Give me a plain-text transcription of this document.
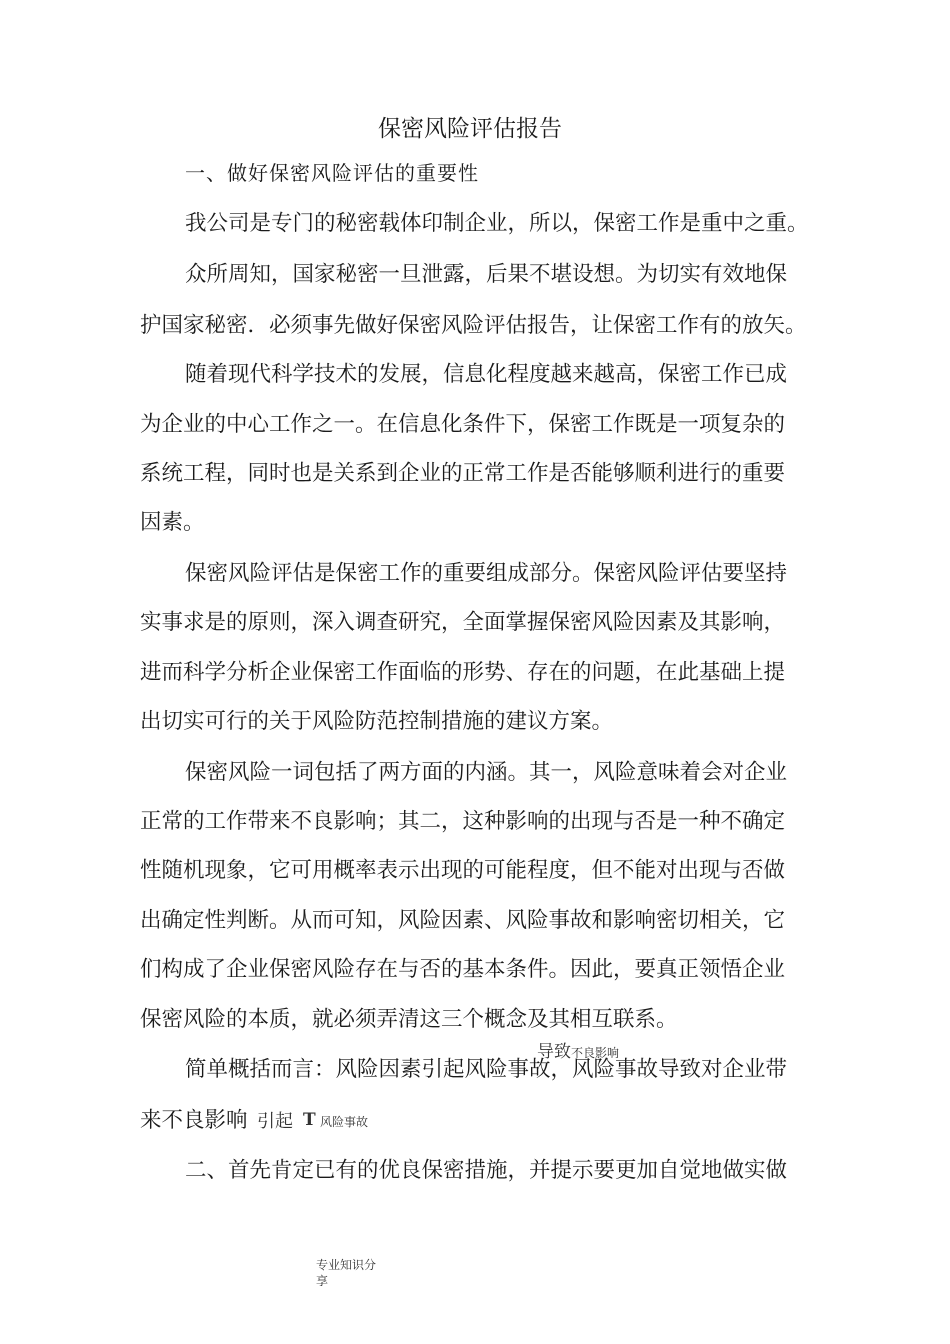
保密风险评估报告
一、做好保密风险评估的重要性
我公司是专门的秘密载体印制企业，所以，保密工作是重中之重。
众所周知，国家秘密一旦泄露，后果不堪设想。为切实有效地保
护国家秘密．必须事先做好保密风险评估报告，让保密工作有的放矢。
随着现代科学技术的发展，信息化程度越来越高，保密工作已成
为企业的中心工作之一。在信息化条件下，保密工作既是一项复杂的
系统工程，同时也是关系到企业的正常工作是否能够顺利进行的重要
因素。
保密风险评估是保密工作的重要组成部分。保密风险评估要坚持
实事求是的原则，深入调查研究，全面掌握保密风险因素及其影响，
进而科学分析企业保密工作面临的形势、存在的问题，在此基础上提
出切实可行的关于风险防范控制措施的建议方案。
保密风险一词包括了两方面的内涵。其一，风险意味着会对企业
正常的工作带来不良影响；其二，这种影响的出现与否是一种不确定
性随机现象，它可用概率表示出现的可能程度，但不能对出现与否做
出确定性判断。从而可知，风险因素、风险事故和影响密切相关，它
们构成了企业保密风险存在与否的基本条件。因此，要真正领悟企业
保密风险的本质，就必须弄清这三个概念及其相互联系。
简单概括而言：风险因素引起风险事故，风险事故导致对企业带
来不良影响
导致不良影响
引起 T 风险事故
二、首先肯定已有的优良保密措施，并提示要更加自觉地做实做
专业知识分
享
